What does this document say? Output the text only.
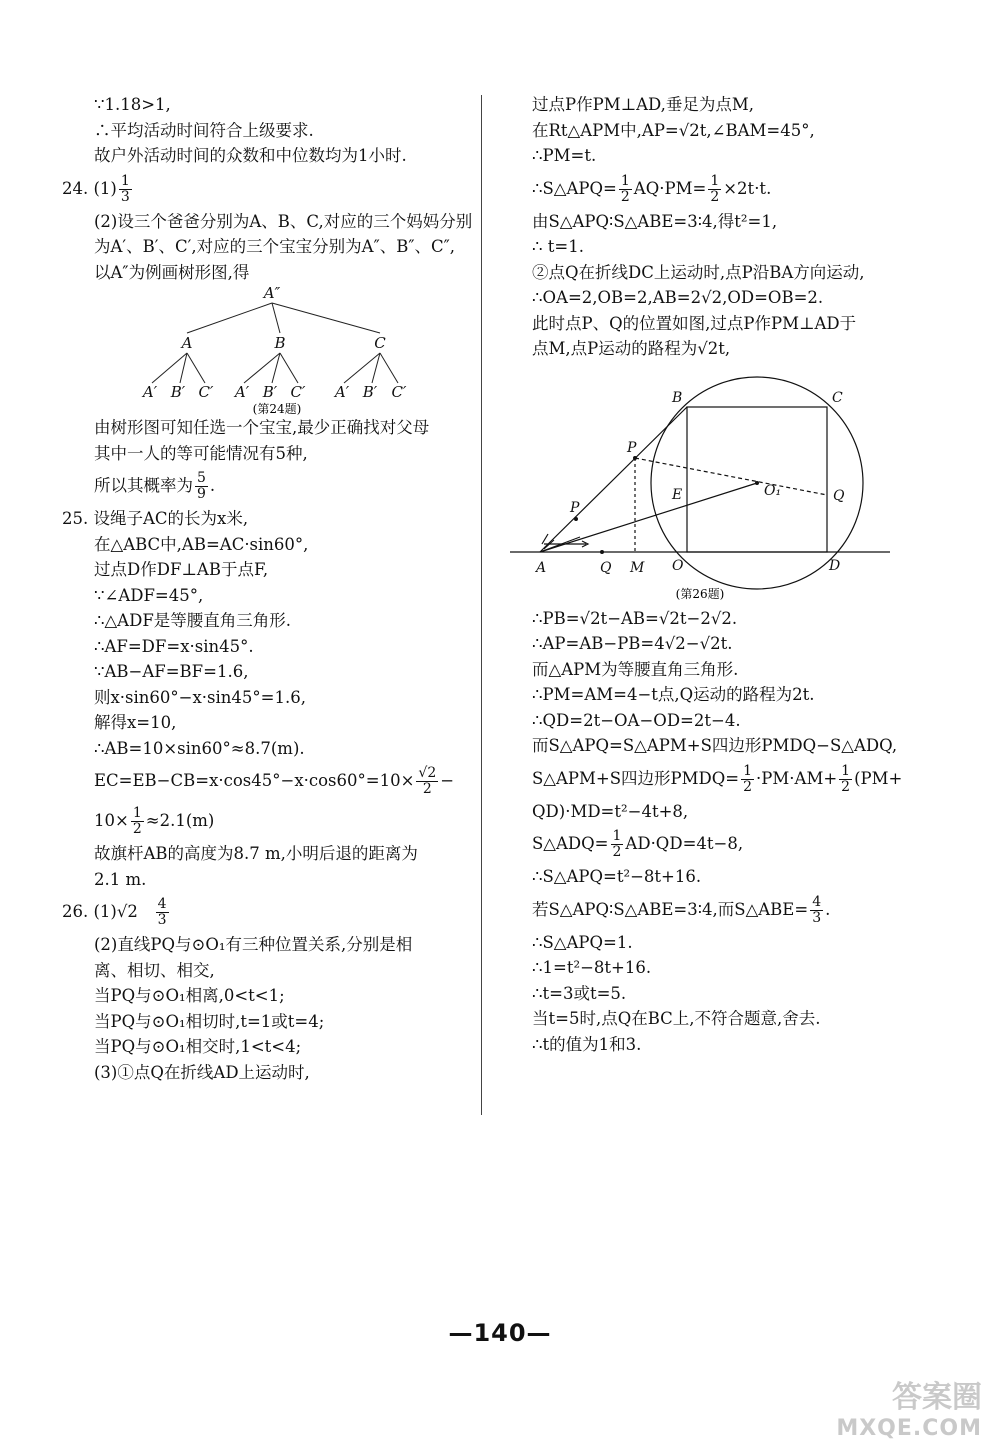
∵1.18>1,
∴平均活动时间符合上级要求.
故户外活动时间的众数和中位数均为1小时.
24. $(1) \frac{1}{3}$
(2)设三个爸爸分别为A、B、C,对应的三个妈妈分别
为A′、B′、C′,对应的三个宝宝分别为A″、B″、C″,
以A″为例画树形图,得
A″
A	B	C
A′ B′ C′ A′ B′ C′ A′ B′ C′
(第24题)
由树形图可知任选一个宝宝,最少正确找对父母
其中一人的等可能情况有5种,
所以其概率为 $\frac{5}{9}$ .
25. 设绳子AC的长为x米,
在△ABC中,AB=AC·sin60°,
过点D作DF⊥AB于点F,
∵∠ADF=45°,
∴△ADF是等腰直角三角形.
∴AF=DF=x·sin45°.
∵AB−AF=BF=1.6,
则x·sin60°−x·sin45°=1.6,
解得x=10,
∴AB=10×sin60°≈8.7(m).
$EC=EB-CB=x\cdot\cos 45^\circ-x\cdot\cos 60^\circ=10\times \frac{√2}{2}$ −
$10\times \frac{1}{2} \approx 2.1(m)$
故旗杆AB的高度为8.7 m,小明后退的距离为
2.1 m.
26. $(1)√2 \frac{4}{3}$
(2)直线PQ与⊙O₁有三种位置关系,分别是相
离、相切、相交,
当PQ与⊙O₁相离,0<t<1;
当PQ与⊙O₁相切时,t=1或t=4;
当PQ与⊙O₁相交时,1<t<4;
(3)①点Q在折线AD上运动时,
过点P作PM⊥AD,垂足为点M,
在Rt△APM中,AP=√2t,∠BAM=45°,
∴PM=t.
∴S△APQ= $\frac{1}{2} AQ\cdot PM= \frac{1}{2} \times 2t\cdot t$.
由S△APQ∶S△ABE=3∶4,得t²=1,
∴ t=1.
②点Q在折线DC上运动时,点P沿BA方向运动,
∴OA=2,OB=2,AB=2√2,OD=OB=2.
此时点P、Q的位置如图,过点P作PM⊥AD于
点M,点P运动的路程为√2t,
B	C
P
E	O₁	Q
P
A	Q M O	D
(第26题)
∴PB=√2t−AB=√2t−2√2.
∴AP=AB−PB=4√2−√2t.
而△APM为等腰直角三角形.
∴PM=AM=4−t点,Q运动的路程为2t.
∴QD=2t−OA−OD=2t−4.
而S△APQ=S△APM+S四边形PMDQ−S△ADQ,
S△APM+S四边形PMDQ= $\frac{1}{2} \cdot PM\cdot AM+ \frac{1}{2} (PM+$
QD)·MD=t²−4t+8,
S△ADQ= $\frac{1}{2} AD\cdot QD=4t-8$,
∴S△APQ=t²−8t+16.
若S△APQ∶S△ABE=3∶4,而S△ABE= $\frac{4}{3}$ .
∴S△APQ=1.
∴1=t²−8t+16.
∴t=3或t=5.
当t=5时,点Q在BC上,不符合题意,舍去.
∴t的值为1和3.
—140—
答案圈
MXQE.COM
